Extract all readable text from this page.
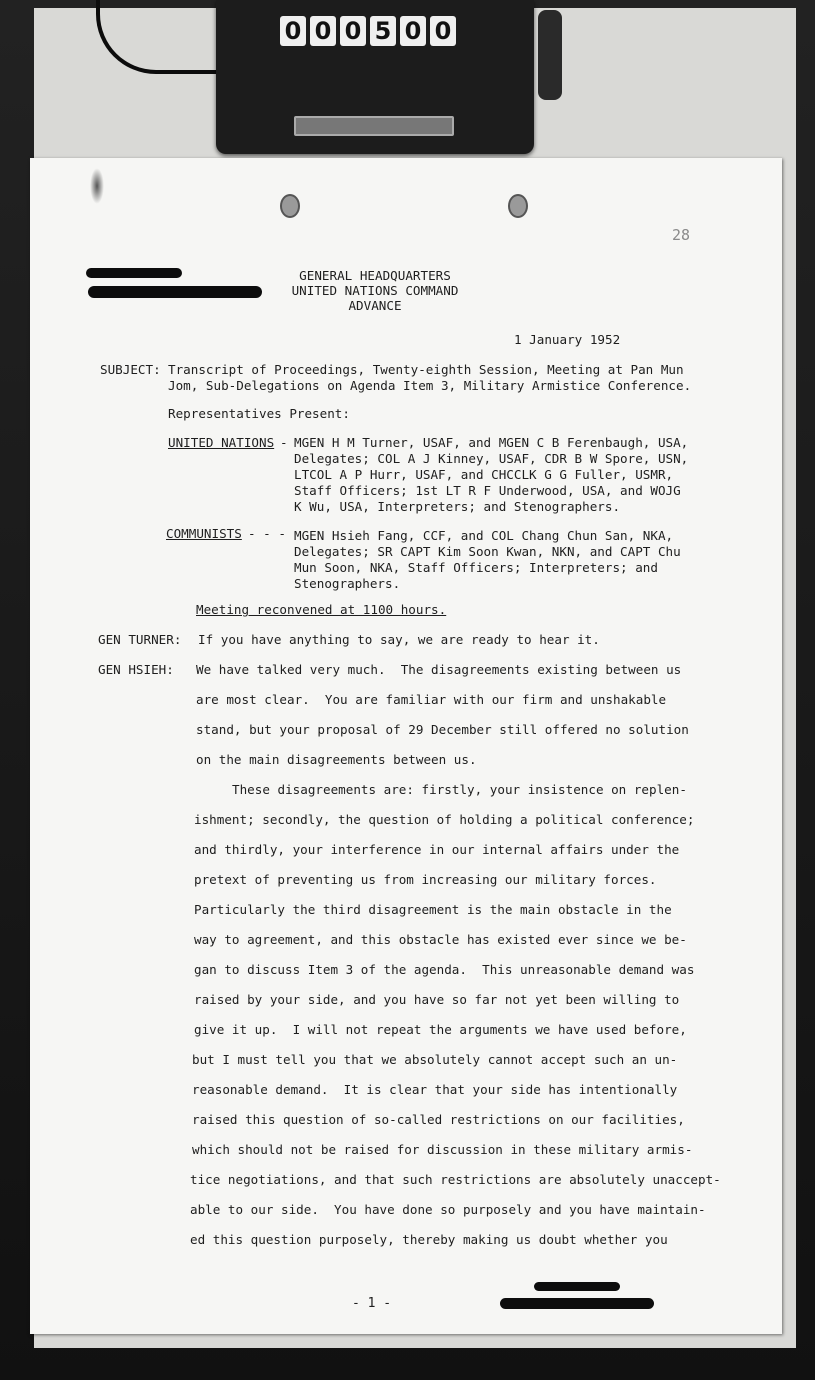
0 0 0 5 0 0
28
GENERAL HEADQUARTERS
UNITED NATIONS COMMAND
ADVANCE
1 January 1952
SUBJECT: Transcript of Proceedings, Twenty-eighth Session, Meeting at Pan Mun
Jom, Sub-Delegations on Agenda Item 3, Military Armistice Conference.
Representatives Present:
UNITED NATIONS - MGEN H M Turner, USAF, and MGEN C B Ferenbaugh, USA,
Delegates; COL A J Kinney, USAF, CDR B W Spore, USN,
LTCOL A P Hurr, USAF, and CHCCLK G G Fuller, USMR,
Staff Officers; 1st LT R F Underwood, USA, and WOJG
K Wu, USA, Interpreters; and Stenographers.
COMMUNISTS - - - MGEN Hsieh Fang, CCF, and COL Chang Chun San, NKA,
Delegates; SR CAPT Kim Soon Kwan, NKN, and CAPT Chu
Mun Soon, NKA, Staff Officers; Interpreters; and
Stenographers.
Meeting reconvened at 1100 hours.
GEN TURNER: If you have anything to say, we are ready to hear it.
GEN HSIEH: We have talked very much.  The disagreements existing between us
are most clear.  You are familiar with our firm and unshakable
stand, but your proposal of 29 December still offered no solution
on the main disagreements between us.
These disagreements are: firstly, your insistence on replen-
ishment; secondly, the question of holding a political conference;
and thirdly, your interference in our internal affairs under the
pretext of preventing us from increasing our military forces.
Particularly the third disagreement is the main obstacle in the
way to agreement, and this obstacle has existed ever since we be-
gan to discuss Item 3 of the agenda.  This unreasonable demand was
raised by your side, and you have so far not yet been willing to
give it up.  I will not repeat the arguments we have used before,
but I must tell you that we absolutely cannot accept such an un-
reasonable demand.  It is clear that your side has intentionally
raised this question of so-called restrictions on our facilities,
which should not be raised for discussion in these military armis-
tice negotiations, and that such restrictions are absolutely unaccept-
able to our side.  You have done so purposely and you have maintain-
ed this question purposely, thereby making us doubt whether you
- 1 -
